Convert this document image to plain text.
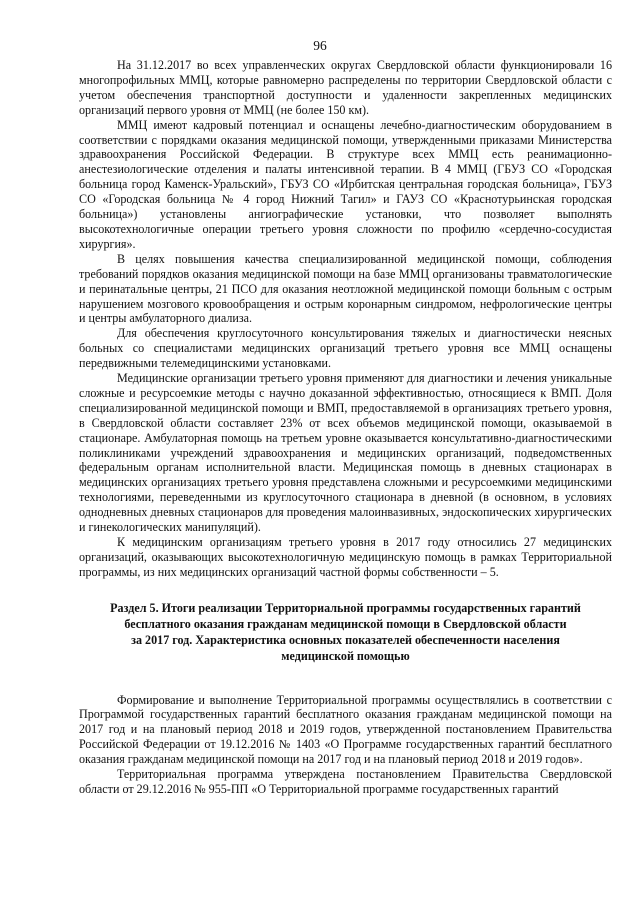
96

На 31.12.2017 во всех управленческих округах Свердловской области функционировали 16 многопрофильных ММЦ, которые равномерно распределены по территории Свердловской области с учетом обеспечения транспортной доступности и удаленности закрепленных медицинских организаций первого уровня от ММЦ (не более 150 км).

ММЦ имеют кадровый потенциал и оснащены лечебно-диагностическим оборудованием в соответствии с порядками оказания медицинской помощи, утвержденными приказами Министерства здравоохранения Российской Федерации. В структуре всех ММЦ есть реанимационно-анестезиологические отделения и палаты интенсивной терапии. В 4 ММЦ (ГБУЗ СО «Городская больница город Каменск-Уральский», ГБУЗ СО «Ирбитская центральная городская больница», ГБУЗ СО «Городская больница № 4 город Нижний Тагил» и ГАУЗ СО «Краснотурьинская городская больница») установлены ангиографические установки, что позволяет выполнять высокотехнологичные операции третьего уровня сложности по профилю «сердечно-сосудистая хирургия».

В целях повышения качества специализированной медицинской помощи, соблюдения требований порядков оказания медицинской помощи на базе ММЦ организованы травматологические и перинатальные центры, 21 ПСО для оказания неотложной медицинской помощи больным с острым нарушением мозгового кровообращения и острым коронарным синдромом, нефрологические центры и центры амбулаторного диализа.

Для обеспечения круглосуточного консультирования тяжелых и диагностически неясных больных со специалистами медицинских организаций третьего уровня все ММЦ оснащены передвижными телемедицинскими установками.

Медицинские организации третьего уровня применяют для диагностики и лечения уникальные сложные и ресурсоемкие методы с научно доказанной эффективностью, относящиеся к ВМП. Доля специализированной медицинской помощи и ВМП, предоставляемой в организациях третьего уровня, в Свердловской области составляет 23% от всех объемов медицинской помощи, оказываемой в стационаре. Амбулаторная помощь на третьем уровне оказывается консультативно-диагностическими поликлиниками учреждений здравоохранения и медицинских организаций, подведомственных федеральным органам исполнительной власти. Медицинская помощь в дневных стационарах в медицинских организациях третьего уровня представлена сложными и ресурсоемкими медицинскими технологиями, переведенными из круглосуточного стационара в дневной (в основном, в условиях однодневных дневных стационаров для проведения малоинвазивных, эндоскопических хирургических и гинекологических манипуляций).

К медицинским организациям третьего уровня в 2017 году относились 27 медицинских организаций, оказывающих высокотехнологичную медицинскую помощь в рамках Территориальной программы, из них медицинских организаций частной формы собственности – 5.

Раздел 5. Итоги реализации Территориальной программы государственных гарантий
бесплатного оказания гражданам медицинской помощи в Свердловской области
за 2017 год. Характеристика основных показателей обеспеченности населения
медицинской помощью

Формирование и выполнение Территориальной программы осуществлялись в соответствии с Программой государственных гарантий бесплатного оказания гражданам медицинской помощи на 2017 год и на плановый период 2018 и 2019 годов, утвержденной постановлением Правительства Российской Федерации от 19.12.2016 № 1403 «О Программе государственных гарантий бесплатного оказания гражданам медицинской помощи на 2017 год и на плановый период 2018 и 2019 годов».

Территориальная программа утверждена постановлением Правительства Свердловской области от 29.12.2016 № 955-ПП «О Территориальной программе государственных гарантий
